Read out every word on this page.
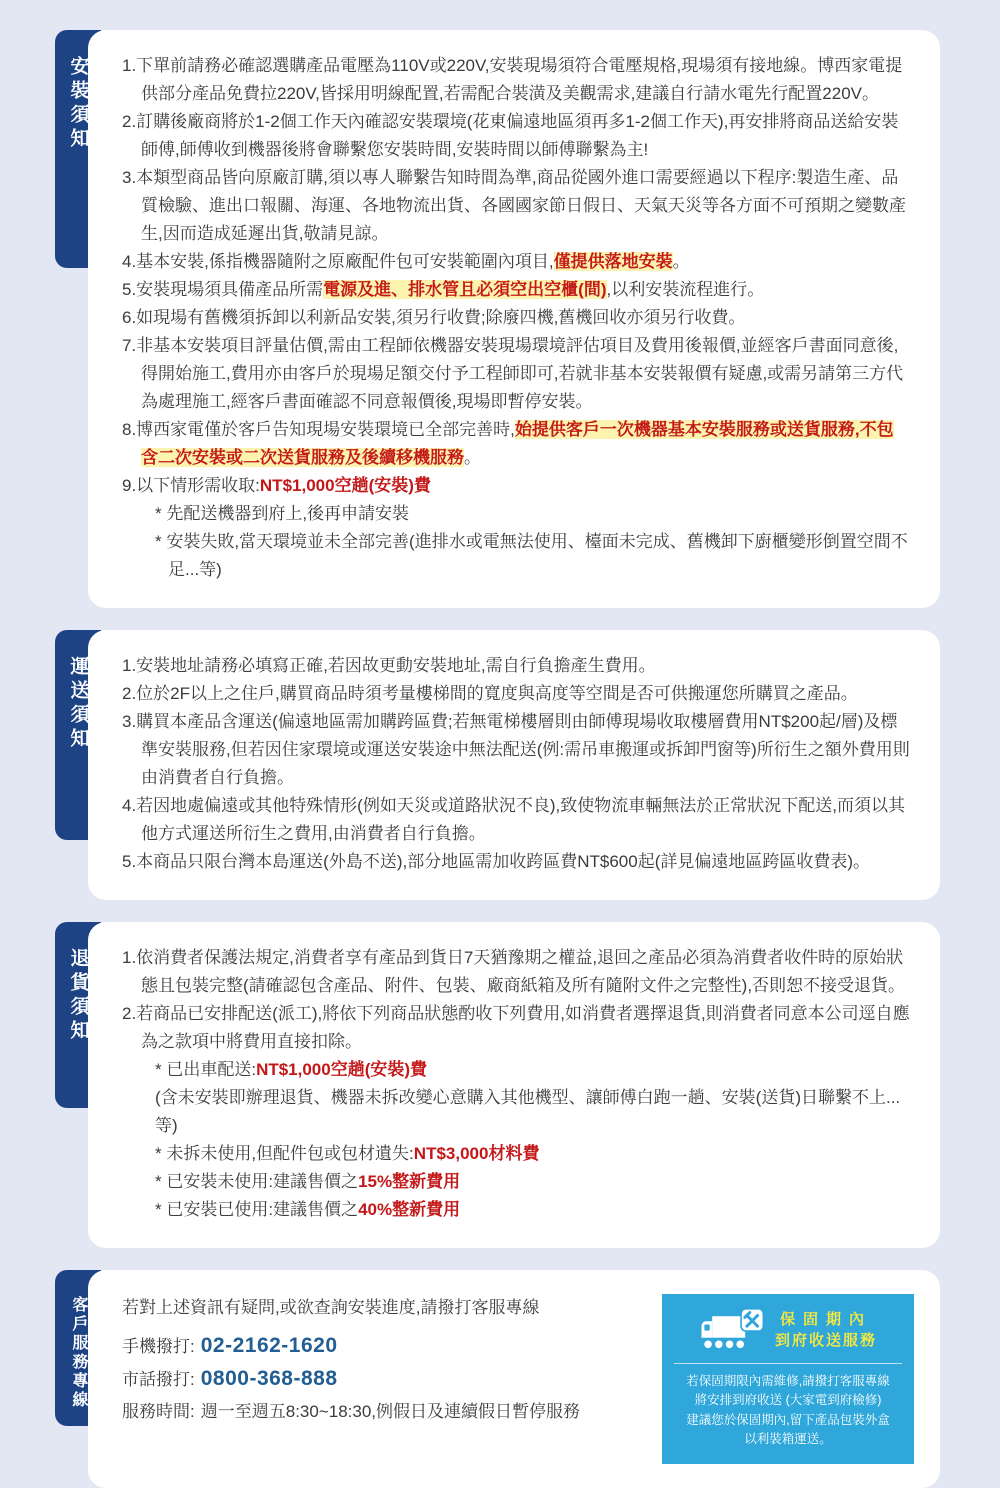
安裝須知 1.下單前請務必確認選購產品電壓為110V或220V,安裝現場須符合電壓規格,現場須有接地線。博西家電提供部分產品免費拉220V,皆採用明線配置,若需配合裝潢及美觀需求,建議自行請水電先行配置220V。
2.訂購後廠商將於1-2個工作天內確認安裝環境(花東偏遠地區須再多1-2個工作天),再安排將商品送給安裝師傅,師傅收到機器後將會聯繫您安裝時間,安裝時間以師傅聯繫為主!
3.本類型商品皆向原廠訂購,須以專人聯繫告知時間為準,商品從國外進口需要經過以下程序:製造生產、品質檢驗、進出口報關、海運、各地物流出貨、各國國家節日假日、天氣天災等各方面不可預期之變數產生,因而造成延遲出貨,敬請見諒。
4.基本安裝,係指機器隨附之原廠配件包可安裝範圍內項目,僅提供落地安裝。
5.安裝現場須具備產品所需電源及進、排水管且必須空出空櫃(間),以利安裝流程進行。
6.如現場有舊機須拆卸以利新品安裝,須另行收費;除廢四機,舊機回收亦須另行收費。
7.非基本安裝項目評量估價,需由工程師依機器安裝現場環境評估項目及費用後報價,並經客戶書面同意後,得開始施工,費用亦由客戶於現場足額交付予工程師即可,若就非基本安裝報價有疑慮,或需另請第三方代為處理施工,經客戶書面確認不同意報價後,現場即暫停安裝。
8.博西家電僅於客戶告知現場安裝環境已全部完善時,始提供客戶一次機器基本安裝服務或送貨服務,不包含二次安裝或二次送貨服務及後續移機服務。
9.以下情形需收取:NT$1,000空趟(安裝)費
* 先配送機器到府上,後再申請安裝
* 安裝失敗,當天環境並未全部完善(進排水或電無法使用、檯面未完成、舊機卸下廚櫃變形倒置空間不足...等)
運送須知 1.安裝地址請務必填寫正確,若因故更動安裝地址,需自行負擔產生費用。
2.位於2F以上之住戶,購買商品時須考量樓梯間的寬度與高度等空間是否可供搬運您所購買之產品。
3.購買本產品含運送(偏遠地區需加購跨區費;若無電梯樓層則由師傅現場收取樓層費用NT$200起/層)及標準安裝服務,但若因住家環境或運送安裝途中無法配送(例:需吊車搬運或拆卸門窗等)所衍生之額外費用則由消費者自行負擔。
4.若因地處偏遠或其他特殊情形(例如天災或道路狀況不良),致使物流車輛無法於正常狀況下配送,而須以其他方式運送所衍生之費用,由消費者自行負擔。
5.本商品只限台灣本島運送(外島不送),部分地區需加收跨區費NT$600起(詳見偏遠地區跨區收費表)。
退貨須知 1.依消費者保護法規定,消費者享有產品到貨日7天猶豫期之權益,退回之產品必須為消費者收件時的原始狀態且包裝完整(請確認包含產品、附件、包裝、廠商紙箱及所有隨附文件之完整性),否則恕不接受退貨。
2.若商品已安排配送(派工),將依下列商品狀態酌收下列費用,如消費者選擇退貨,則消費者同意本公司逕自應為之款項中將費用直接扣除。
* 已出車配送:NT$1,000空趟(安裝)費
(含未安裝即辦理退貨、機器未拆改變心意購入其他機型、讓師傅白跑一趟、安裝(送貨)日聯繫不上...等)
* 未拆未使用,但配件包或包材遺失:NT$3,000材料費
* 已安裝未使用:建議售價之15%整新費用
* 已安裝已使用:建議售價之40%整新費用
客戶服務專線 若對上述資訊有疑問,或欲查詢安裝進度,請撥打客服專線
手機撥打: 02-2162-1620
市話撥打: 0800-368-888
服務時間: 週一至週五8:30~18:30,例假日及連續假日暫停服務
保固期內
到府收送服務
若保固期限內需維修,請撥打客服專線
將安排到府收送 (大家電到府檢修)
建議您於保固期內,留下產品包裝外盒
以利裝箱運送。
